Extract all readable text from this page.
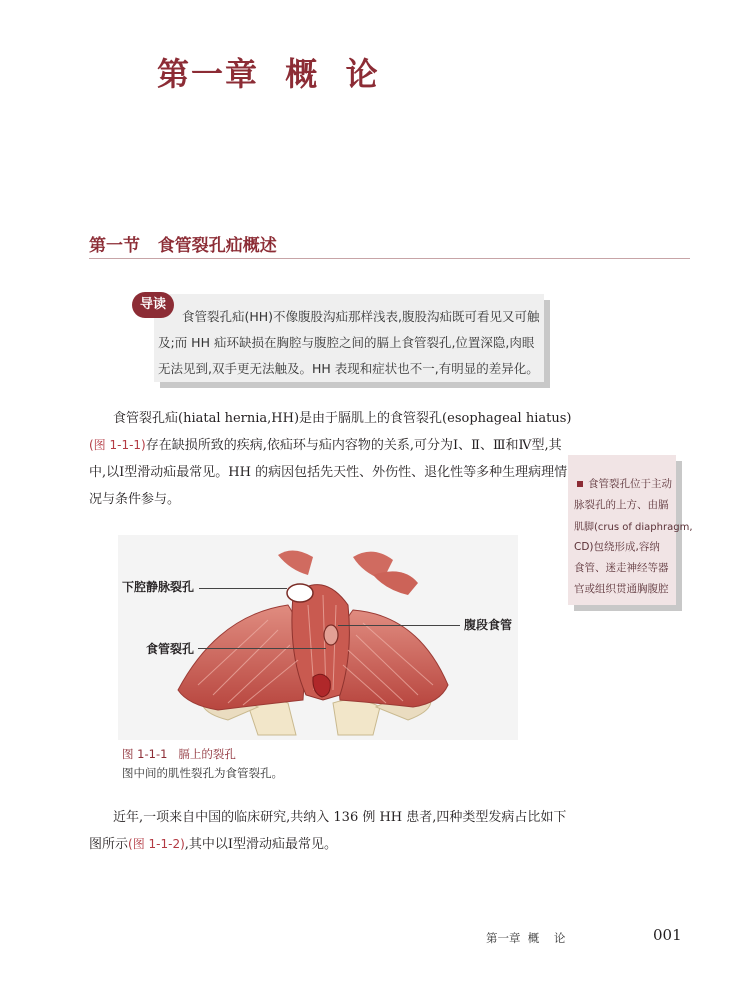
第一章  概  论
第一节   食管裂孔疝概述
导读
食管裂孔疝(HH)不像腹股沟疝那样浅表,腹股沟疝既可看见又可触
及;而 HH 疝环缺损在胸腔与腹腔之间的膈上食管裂孔,位置深隐,肉眼
无法见到,双手更无法触及。HH 表现和症状也不一,有明显的差异化。
食管裂孔疝(hiatal hernia,HH)是由于膈肌上的食管裂孔(esophageal hiatus)
(图 1-1-1)存在缺损所致的疾病,依疝环与疝内容物的关系,可分为Ⅰ、Ⅱ、Ⅲ和Ⅳ型,其
中,以Ⅰ型滑动疝最常见。HH 的病因包括先天性、外伤性、退化性等多种生理病理情
况与条件参与。
食管裂孔位于主动
脉裂孔的上方、由膈
肌脚(crus of diaphragm,
CD)包绕形成,容纳
食管、迷走神经等器
官或组织贯通胸腹腔
下腔静脉裂孔
食管裂孔
腹段食管
图 1-1-1   膈上的裂孔
图中间的肌性裂孔为食管裂孔。
近年,一项来自中国的临床研究,共纳入 136 例 HH 患者,四种类型发病占比如下
图所示(图 1-1-2),其中以Ⅰ型滑动疝最常见。
第一章  概    论	001
